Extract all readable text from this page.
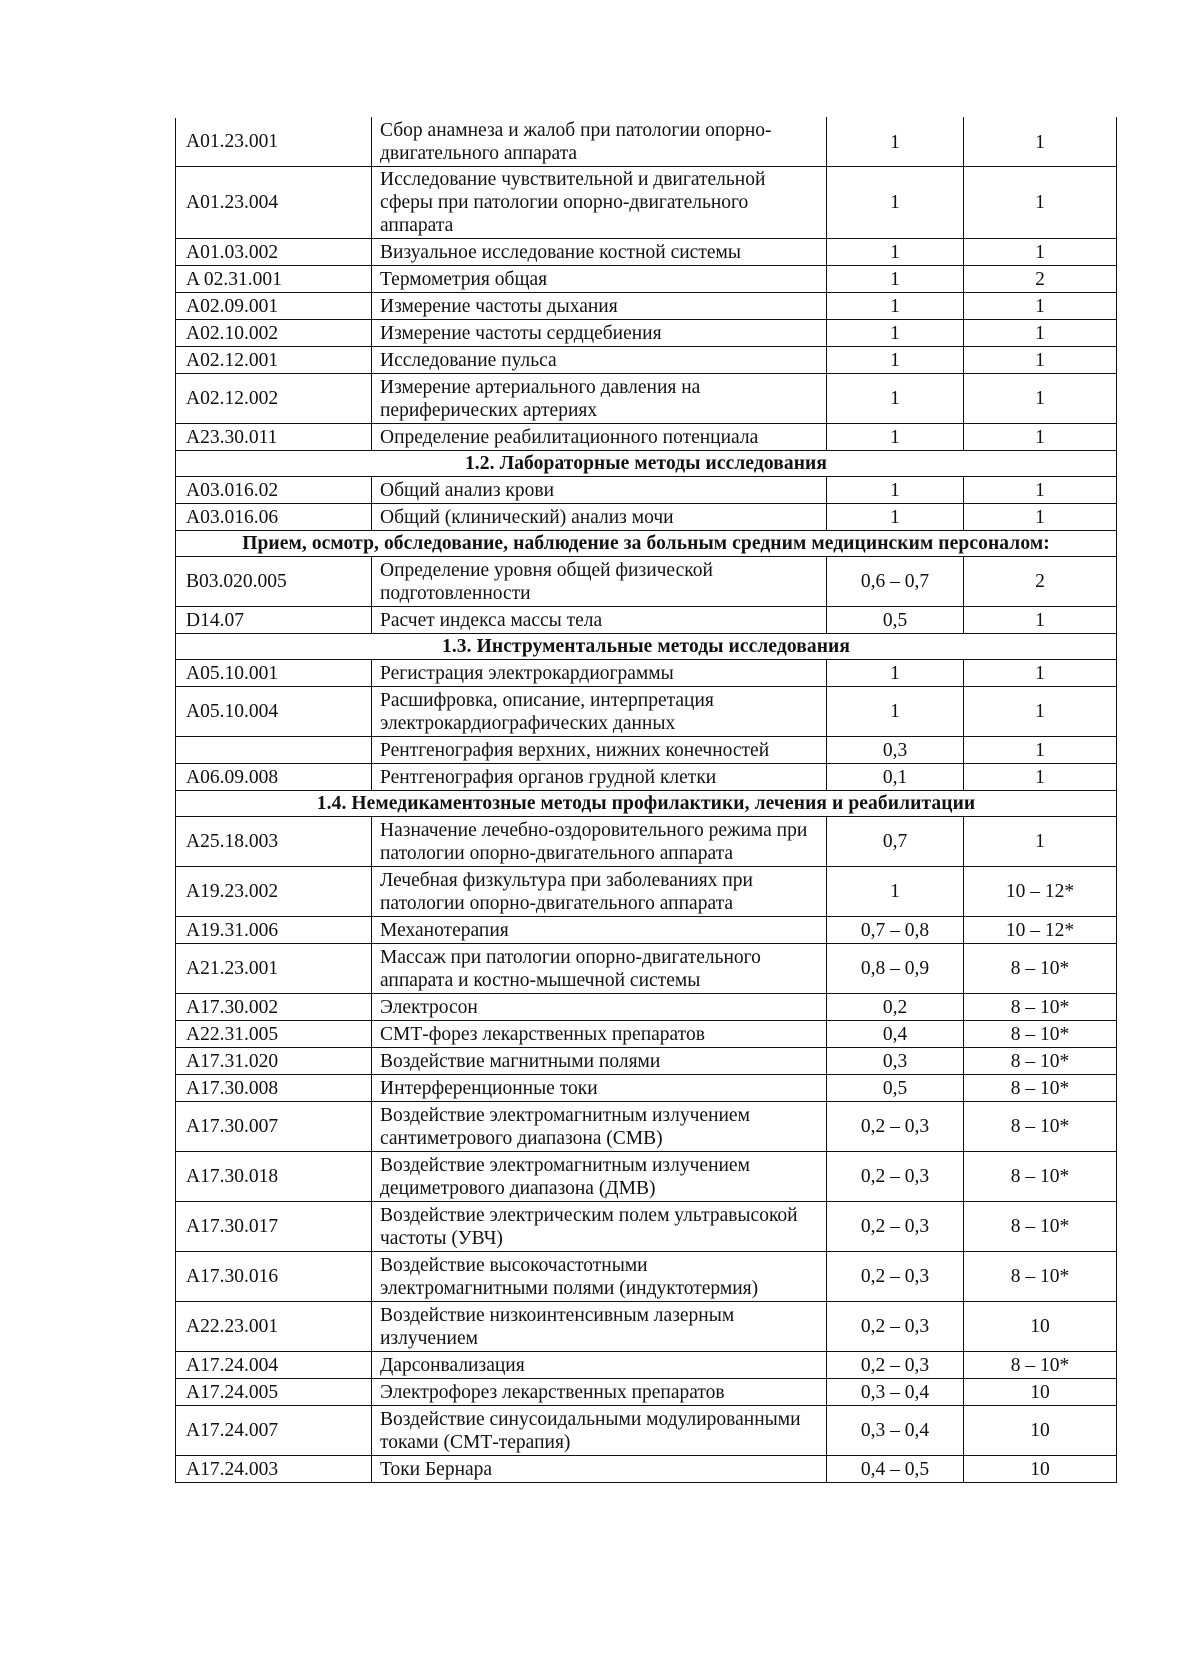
A01.23.001	Сбор анамнеза и жалоб при патологии опорно-двигательного аппарата	1	1
A01.23.004	Исследование чувствительной и двигательной сферы при патологии опорно-двигательного аппарата	1	1
A01.03.002	Визуальное исследование костной системы	1	1
A 02.31.001	Термометрия общая	1	2
A02.09.001	Измерение частоты дыхания	1	1
A02.10.002	Измерение частоты сердцебиения	1	1
A02.12.001	Исследование пульса	1	1
A02.12.002	Измерение артериального давления на периферических артериях	1	1
A23.30.011	Определение реабилитационного потенциала	1	1
1.2. Лабораторные методы исследования			
A03.016.02	Общий анализ крови	1	1
A03.016.06	Общий (клинический) анализ мочи	1	1
Прием, осмотр, обследование, наблюдение за больным средним медицинским персоналом:			
B03.020.005	Определение уровня общей физической подготовленности	0,6 – 0,7	2
D14.07	Расчет индекса массы тела	0,5	1
1.3. Инструментальные методы исследования			
A05.10.001	Регистрация электрокардиограммы	1	1
A05.10.004	Расшифровка, описание, интерпретация электрокардиографических данных	1	1
	Рентгенография верхних, нижних конечностей	0,3	1
A06.09.008	Рентгенография органов грудной клетки	0,1	1
1.4. Немедикаментозные методы профилактики, лечения и реабилитации			
A25.18.003	Назначение лечебно-оздоровительного режима при патологии опорно-двигательного аппарата	0,7	1
A19.23.002	Лечебная физкультура при заболеваниях при патологии опорно-двигательного аппарата	1	10 – 12*
A19.31.006	Механотерапия	0,7 – 0,8	10 – 12*
A21.23.001	Массаж при патологии опорно-двигательного аппарата и костно-мышечной системы	0,8 – 0,9	8 – 10*
A17.30.002	Электросон	0,2	8 – 10*
A22.31.005	СМТ-форез лекарственных препаратов	0,4	8 – 10*
A17.31.020	Воздействие магнитными полями	0,3	8 – 10*
A17.30.008	Интерференционные токи	0,5	8 – 10*
A17.30.007	Воздействие электромагнитным излучением сантиметрового диапазона (СМВ)	0,2 – 0,3	8 – 10*
A17.30.018	Воздействие электромагнитным излучением дециметрового диапазона (ДМВ)	0,2 – 0,3	8 – 10*
A17.30.017	Воздействие электрическим полем ультравысокой частоты (УВЧ)	0,2 – 0,3	8 – 10*
A17.30.016	Воздействие высокочастотными электромагнитными полями (индуктотермия)	0,2 – 0,3	8 – 10*
A22.23.001	Воздействие низкоинтенсивным лазерным излучением	0,2 – 0,3	10
A17.24.004	Дарсонвализация	0,2 – 0,3	8 – 10*
A17.24.005	Электрофорез лекарственных препаратов	0,3 – 0,4	10
A17.24.007	Воздействие синусоидальными модулированными токами (СМТ-терапия)	0,3 – 0,4	10
A17.24.003	Токи Бернара	0,4 – 0,5	10
